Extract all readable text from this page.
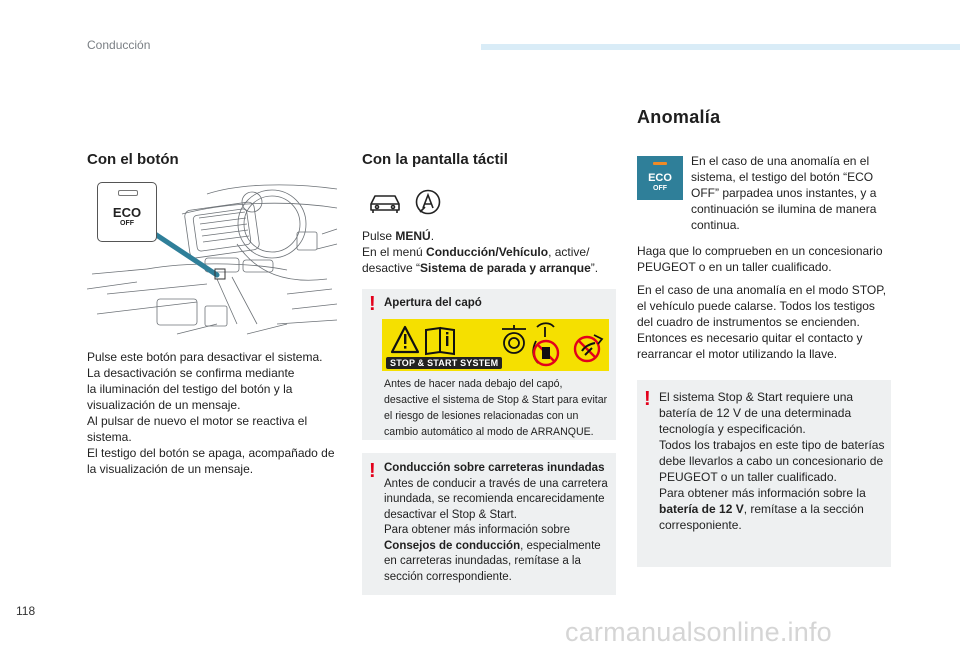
Conducción
Con el botón
ECO
OFF
Pulse este botón para desactivar el sistema.
La desactivación se confirma mediante
la iluminación del testigo del botón y la
visualización de un mensaje.
Al pulsar de nuevo el motor se reactiva el
sistema.
El testigo del botón se apaga, acompañado de
la visualización de un mensaje.
Con la pantalla táctil
Pulse MENÚ.
En el menú Conducción/Vehículo, active/
desactive “Sistema de parada y arranque”.
! Apertura del capó
STOP & START SYSTEM
Antes de hacer nada debajo del capó,
desactive el sistema de Stop & Start para evitar
el riesgo de lesiones relacionadas con un
cambio automático al modo de ARRANQUE.
! Conducción sobre carreteras inundadas
Antes de conducir a través de una carretera
inundada, se recomienda encarecidamente
desactivar el Stop & Start.
Para obtener más información sobre
Consejos de conducción, especialmente
en carreteras inundadas, remítase a la
sección correspondiente.
Anomalía
ECO
OFF
En el caso de una anomalía en el
sistema, el testigo del botón “ECO
OFF” parpadea unos instantes, y a
continuación se ilumina de manera
continua.
Haga que lo comprueben en un concesionario
PEUGEOT o en un taller cualificado.
En el caso de una anomalía en el modo STOP,
el vehículo puede calarse. Todos los testigos
del cuadro de instrumentos se encienden.
Entonces es necesario quitar el contacto y
rearrancar el motor utilizando la llave.
! El sistema Stop & Start requiere una
batería de 12 V de una determinada
tecnología y especificación.
Todos los trabajos en este tipo de baterías
debe llevarlos a cabo un concesionario de
PEUGEOT o un taller cualificado.
Para obtener más información sobre la
batería de 12 V, remítase a la sección
corresponiente.
118
carmanualsonline.info
